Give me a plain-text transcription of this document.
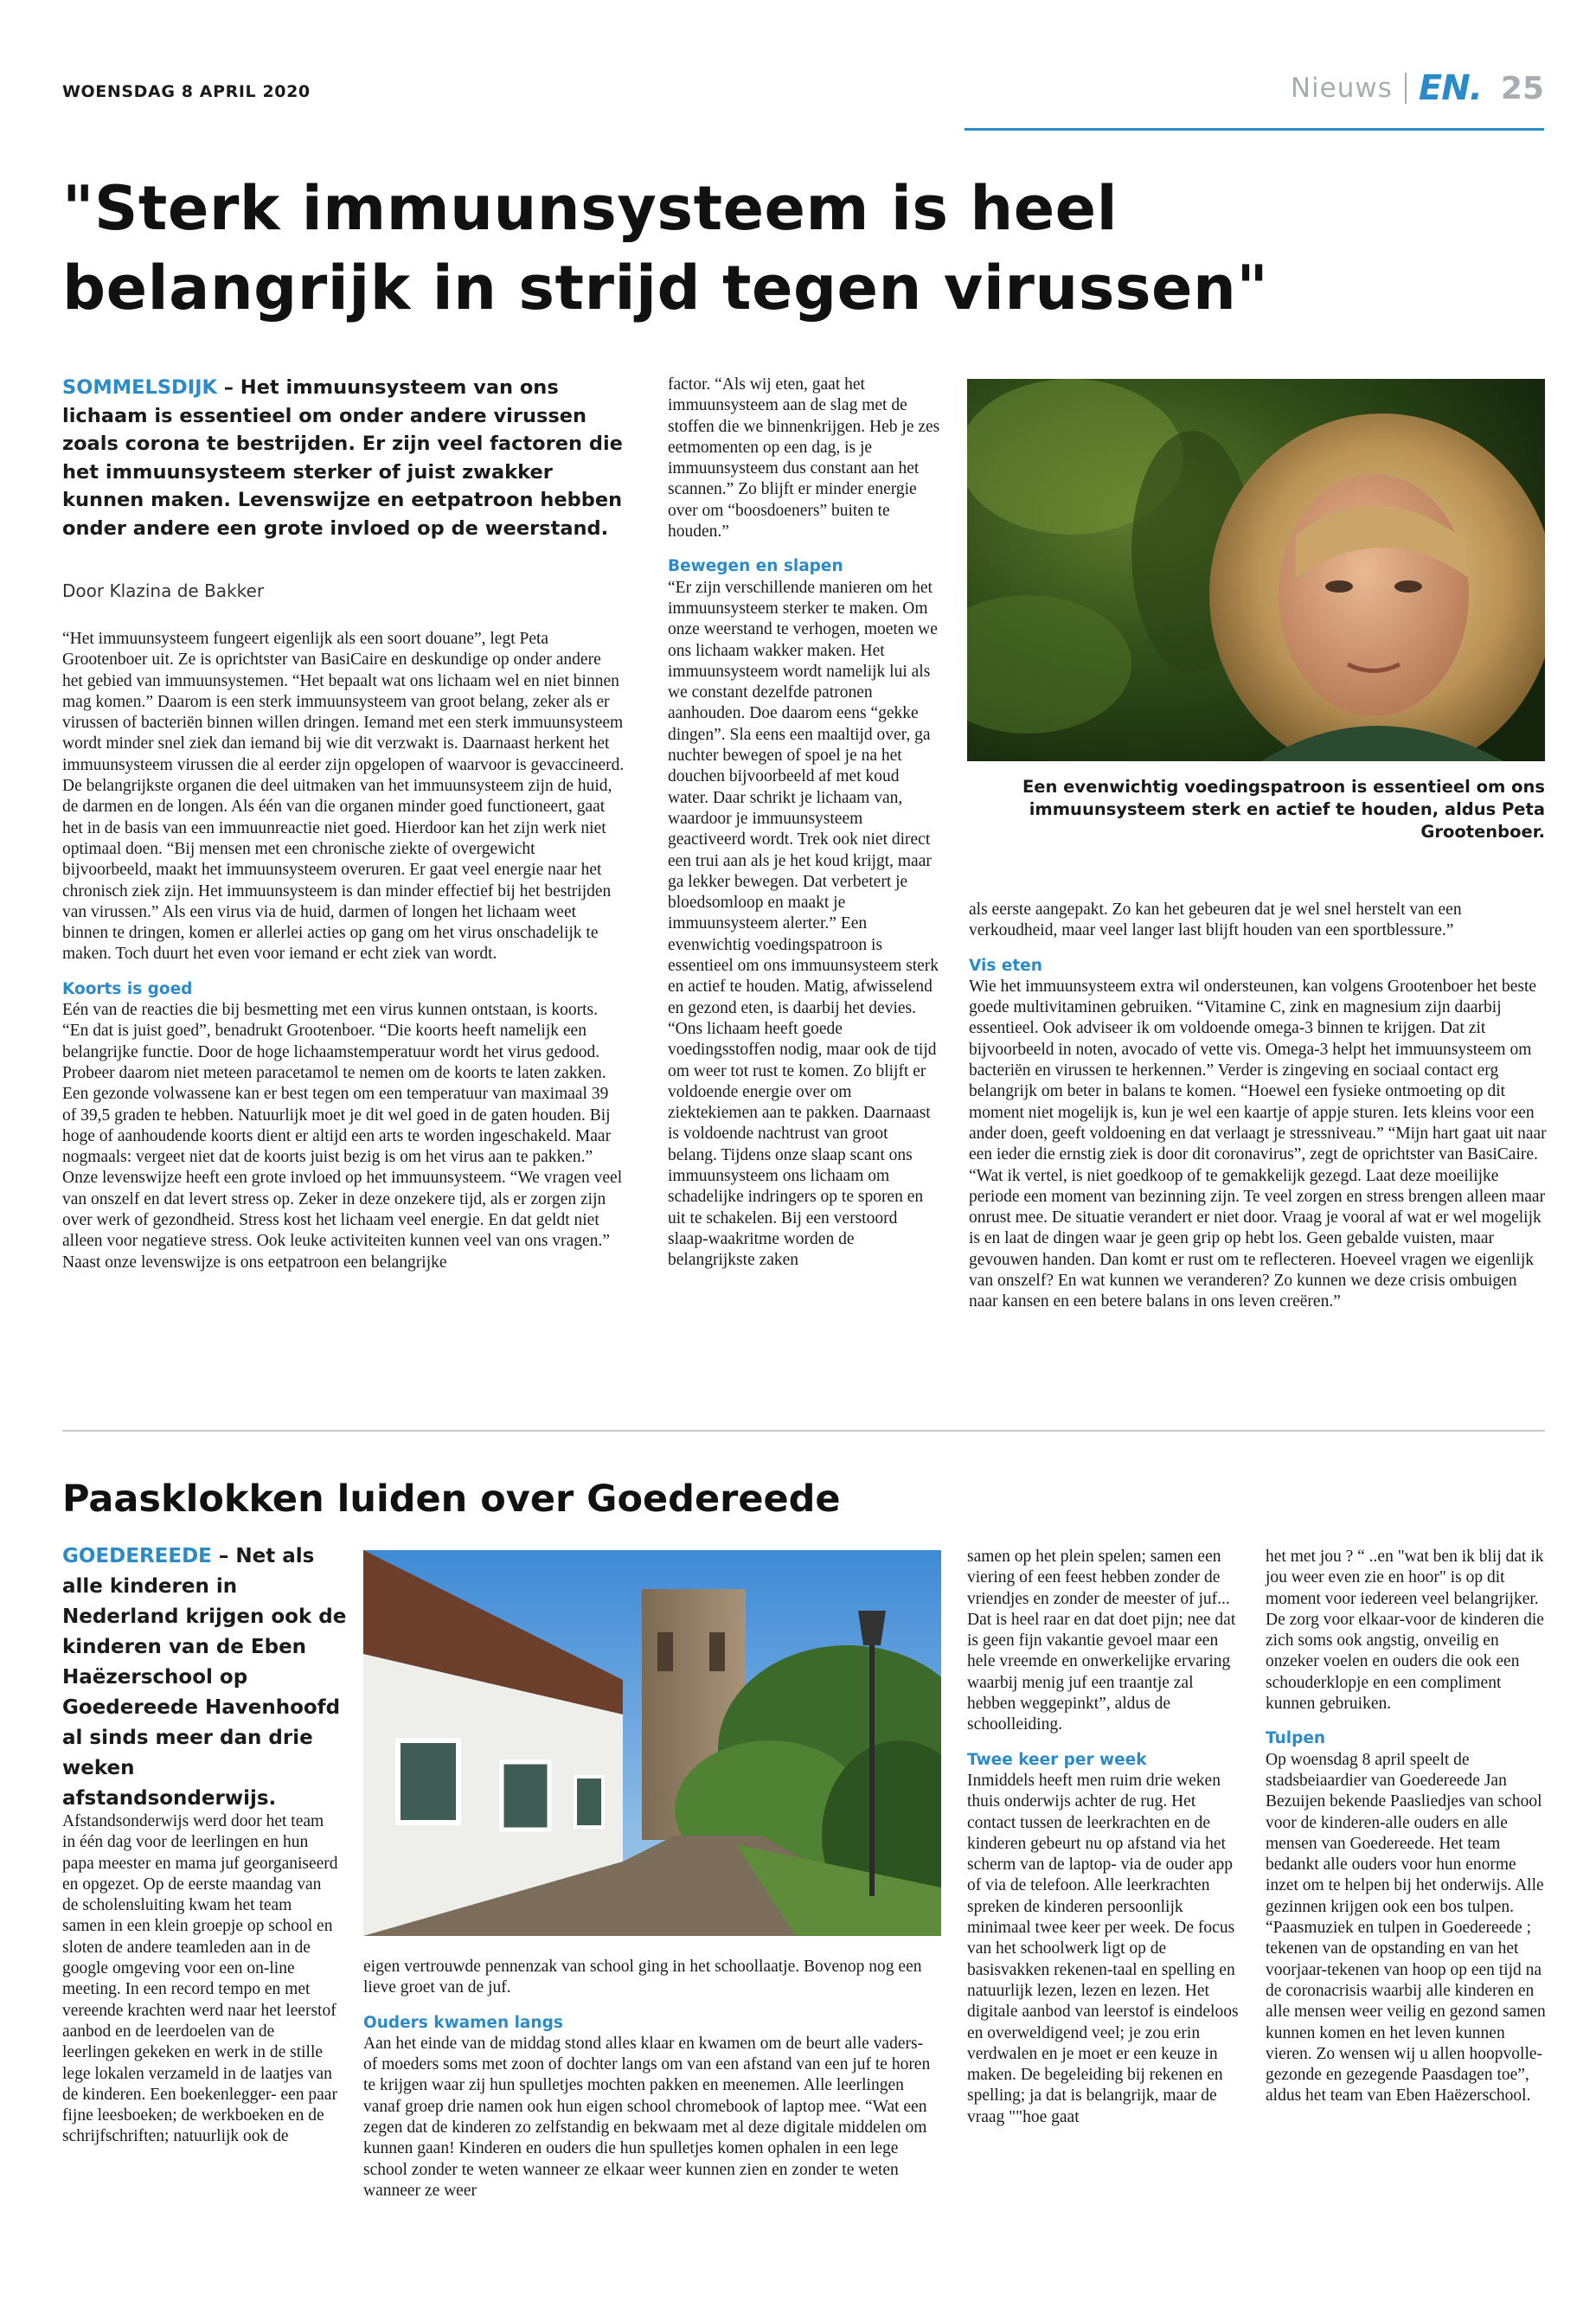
WOENSDAG 8 APRIL 2020	Nieuws EN. 25
"Sterk immuunsysteem is heel
belangrijk in strijd tegen virussen"
SOMMELSDIJK – Het immuunsysteem van ons lichaam is essentieel om onder andere virussen zoals corona te bestrijden. Er zijn veel factoren die het immuunsysteem sterker of juist zwakker kunnen maken. Levenswijze en eetpatroon hebben onder andere een grote invloed op de weerstand.
Door Klazina de Bakker

“Het immuunsysteem fungeert eigenlijk als een soort douane”, legt Peta Grootenboer uit. Ze is oprichtster van BasiCaire en deskundige op onder andere het gebied van immuunsystemen. “Het bepaalt wat ons lichaam wel en niet binnen mag komen.” Daarom is een sterk immuunsysteem van groot belang, zeker als er virussen of bacteriën binnen willen dringen. Iemand met een sterk immuunsysteem wordt minder snel ziek dan iemand bij wie dit verzwakt is. Daarnaast herkent het immuunsysteem virussen die al eerder zijn opgelopen of waarvoor is gevaccineerd. De belangrijkste organen die deel uitmaken van het immuunsysteem zijn de huid, de darmen en de longen. Als één van die organen minder goed functioneert, gaat het in de basis van een immuunreactie niet goed. Hierdoor kan het zijn werk niet optimaal doen. “Bij mensen met een chronische ziekte of overgewicht bijvoorbeeld, maakt het immuunsysteem overuren. Er gaat veel energie naar het chronisch ziek zijn. Het immuunsysteem is dan minder effectief bij het bestrijden van virussen.” Als een virus via de huid, darmen of longen het lichaam weet binnen te dringen, komen er allerlei acties op gang om het virus onschadelijk te maken. Toch duurt het even voor iemand er echt ziek van wordt.

Koorts is goed

Eén van de reacties die bij besmetting met een virus kunnen ontstaan, is koorts. “En dat is juist goed”, benadrukt Grootenboer. “Die koorts heeft namelijk een belangrijke functie. Door de hoge lichaamstemperatuur wordt het virus gedood. Probeer daarom niet meteen paracetamol te nemen om de koorts te laten zakken. Een gezonde volwassene kan er best tegen om een temperatuur van maximaal 39 of 39,5 graden te hebben. Natuurlijk moet je dit wel goed in de gaten houden. Bij hoge of aanhoudende koorts dient er altijd een arts te worden ingeschakeld. Maar nogmaals: vergeet niet dat de koorts juist bezig is om het virus aan te pakken.” Onze levenswijze heeft een grote invloed op het immuunsysteem. “We vragen veel van onszelf en dat levert stress op. Zeker in deze onzekere tijd, als er zorgen zijn over werk of gezondheid. Stress kost het lichaam veel energie. En dat geldt niet alleen voor negatieve stress. Ook leuke activiteiten kunnen veel van ons vragen.” Naast onze levenswijze is ons eetpatroon een belangrijke

factor. “Als wij eten, gaat het immuunsysteem aan de slag met de stoffen die we binnenkrijgen. Heb je zes eetmomenten op een dag, is je immuunsysteem dus constant aan het scannen.” Zo blijft er minder energie over om “boosdoeners” buiten te houden.”

Bewegen en slapen

“Er zijn verschillende manieren om het immuunsysteem sterker te maken. Om onze weerstand te verhogen, moeten we ons lichaam wakker maken. Het immuunsysteem wordt namelijk lui als we constant dezelfde patronen aanhouden. Doe daarom eens “gekke dingen”. Sla eens een maaltijd over, ga nuchter bewegen of spoel je na het douchen bijvoorbeeld af met koud water. Daar schrikt je lichaam van, waardoor je immuunsysteem geactiveerd wordt. Trek ook niet direct een trui aan als je het koud krijgt, maar ga lekker bewegen. Dat verbetert je bloedsomloop en maakt je immuunsysteem alerter.” Een evenwichtig voedingspatroon is essentieel om ons immuunsysteem sterk en actief te houden. Matig, afwisselend en gezond eten, is daarbij het devies. “Ons lichaam heeft goede voedingsstoffen nodig, maar ook de tijd om weer tot rust te komen. Zo blijft er voldoende energie over om ziektekiemen aan te pakken. Daarnaast is voldoende nachtrust van groot belang. Tijdens onze slaap scant ons immuunsysteem ons lichaam om schadelijke indringers op te sporen en uit te schakelen. Bij een verstoord slaap-waakritme worden de belangrijkste zaken

Een evenwichtig voedingspatroon is essentieel om ons immuunsysteem sterk en actief te houden, aldus Peta Grootenboer.

als eerste aangepakt. Zo kan het gebeuren dat je wel snel herstelt van een verkoudheid, maar veel langer last blijft houden van een sportblessure.”

Vis eten

Wie het immuunsysteem extra wil ondersteunen, kan volgens Grootenboer het beste goede multivitaminen gebruiken. “Vitamine C, zink en magnesium zijn daarbij essentieel. Ook adviseer ik om voldoende omega-3 binnen te krijgen. Dat zit bijvoorbeeld in noten, avocado of vette vis. Omega-3 helpt het immuunsysteem om bacteriën en virussen te herkennen.” Verder is zingeving en sociaal contact erg belangrijk om beter in balans te komen. “Hoewel een fysieke ontmoeting op dit moment niet mogelijk is, kun je wel een kaartje of appje sturen. Iets kleins voor een ander doen, geeft voldoening en dat verlaagt je stressniveau.” “Mijn hart gaat uit naar een ieder die ernstig ziek is door dit coronavirus”, zegt de oprichtster van BasiCaire. “Wat ik vertel, is niet goedkoop of te gemakkelijk gezegd. Laat deze moeilijke periode een moment van bezinning zijn. Te veel zorgen en stress brengen alleen maar onrust mee. De situatie verandert er niet door. Vraag je vooral af wat er wel mogelijk is en laat de dingen waar je geen grip op hebt los. Geen gebalde vuisten, maar gevouwen handen. Dan komt er rust om te reflecteren. Hoeveel vragen we eigenlijk van onszelf? En wat kunnen we veranderen? Zo kunnen we deze crisis ombuigen naar kansen en een betere balans in ons leven creëren.”

Paasklokken luiden over Goedereede
GOEDEREEDE – Net als alle kinderen in Nederland krijgen ook de kinderen van de Eben Haëzerschool op Goedereede Havenhoofd al sinds meer dan drie weken afstandsonderwijs.

Afstandsonderwijs werd door het team in één dag voor de leerlingen en hun papa meester en mama juf georganiseerd en opgezet. Op de eerste maandag van de scholensluiting kwam het team samen in een klein groepje op school en sloten de andere teamleden aan in de google omgeving voor een on-line meeting. In een record tempo en met vereende krachten werd naar het leerstof aanbod en de leerdoelen van de leerlingen gekeken en werk in de stille lege lokalen verzameld in de laatjes van de kinderen. Een boekenlegger- een paar fijne leesboeken; de werkboeken en de schrijfschriften; natuurlijk ook de

eigen vertrouwde pennenzak van school ging in het schoollaatje. Bovenop nog een lieve groet van de juf.

Ouders kwamen langs

Aan het einde van de middag stond alles klaar en kwamen om de beurt alle vaders- of moeders soms met zoon of dochter langs om van een afstand van een juf te horen te krijgen waar zij hun spulletjes mochten pakken en meenemen. Alle leerlingen vanaf groep drie namen ook hun eigen school chromebook of laptop mee. “Wat een zegen dat de kinderen zo zelfstandig en bekwaam met al deze digitale middelen om kunnen gaan! Kinderen en ouders die hun spulletjes komen ophalen in een lege school zonder te weten wanneer ze elkaar weer kunnen zien en zonder te weten wanneer ze weer

samen op het plein spelen; samen een viering of een feest hebben zonder de vriendjes en zonder de meester of juf... Dat is heel raar en dat doet pijn; nee dat is geen fijn vakantie gevoel maar een hele vreemde en onwerkelijke ervaring waarbij menig juf een traantje zal hebben weggepinkt”, aldus de schoolleiding.

Twee keer per week

Inmiddels heeft men ruim drie weken thuis onderwijs achter de rug. Het contact tussen de leerkrachten en de kinderen gebeurt nu op afstand via het scherm van de laptop- via de ouder app of via de telefoon. Alle leerkrachten spreken de kinderen persoonlijk minimaal twee keer per week. De focus van het schoolwerk ligt op de basisvakken rekenen-taal en spelling en natuurlijk lezen, lezen en lezen. Het digitale aanbod van leerstof is eindeloos en overweldigend veel; je zou erin verdwalen en je moet er een keuze in maken. De begeleiding bij rekenen en spelling; ja dat is belangrijk, maar de vraag ""hoe gaat

het met jou ? “ ..en "wat ben ik blij dat ik jou weer even zie en hoor" is op dit moment voor iedereen veel belangrijker. De zorg voor elkaar-voor de kinderen die zich soms ook angstig, onveilig en onzeker voelen en ouders die ook een schouderklopje en een compliment kunnen gebruiken.

Tulpen

Op woensdag 8 april speelt de stadsbeiaardier van Goedereede Jan Bezuijen bekende Paasliedjes van school voor de kinderen-alle ouders en alle mensen van Goedereede. Het team bedankt alle ouders voor hun enorme inzet om te helpen bij het onderwijs. Alle gezinnen krijgen ook een bos tulpen. “Paasmuziek en tulpen in Goedereede ; tekenen van de opstanding en van het voorjaar-tekenen van hoop op een tijd na de coronacrisis waarbij alle kinderen en alle mensen weer veilig en gezond samen kunnen komen en het leven kunnen vieren. Zo wensen wij u allen hoopvolle-gezonde en gezegende Paasdagen toe”, aldus het team van Eben Haëzerschool.
